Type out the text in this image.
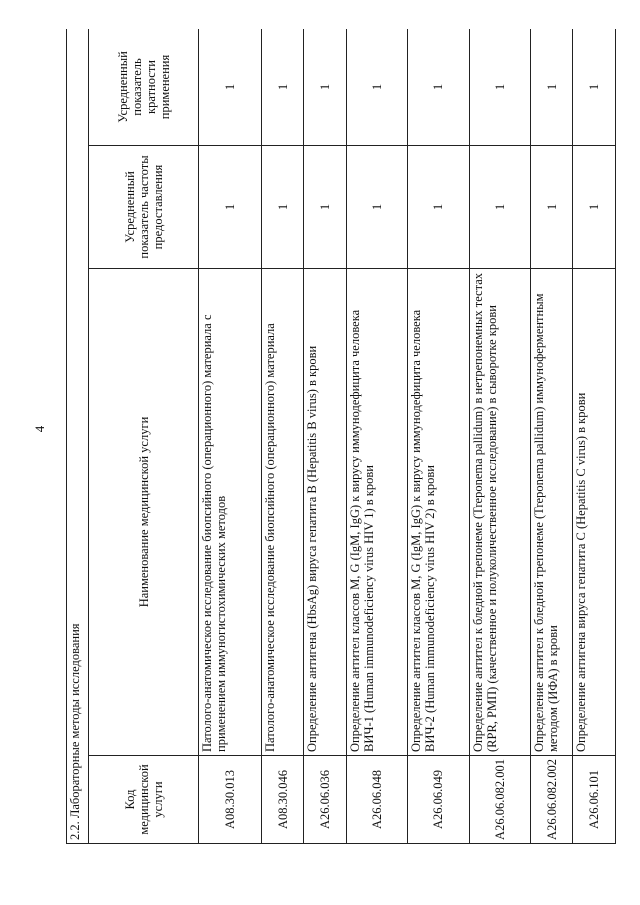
4
2.2. Лабораторные методы исследования			
Код медицинской услуги	Наименование медицинской услуги	Усредненный показатель частоты предоставления	Усредненный показатель кратности применения
A08.30.013	Патолого-анатомическое исследование биопсийного (операционного) материала с применением иммуногистохимических методов	1	1
A08.30.046	Патолого-анатомическое исследование биопсийного (операционного) материала	1	1
A26.06.036	Определение антигена (HbsAg) вируса гепатита B (Hepatitis B virus) в крови	1	1
A26.06.048	Определение антител классов M, G (IgM, IgG) к вирусу иммунодефицита человека ВИЧ-1 (Human immunodeficiency virus HIV 1) в крови	1	1
A26.06.049	Определение антител классов M, G (IgM, IgG) к вирусу иммунодефицита человека ВИЧ-2 (Human immunodeficiency virus HIV 2) в крови	1	1
A26.06.082.001	Определение антител к бледной трепонеме (Treponema pallidum) в нетрепонемных тестах (RPR, РМП) (качественное и полуколичественное исследование) в сыворотке крови	1	1
A26.06.082.002	Определение антител к бледной трепонеме (Treponema pallidum) иммуноферментным методом (ИФА) в крови	1	1
A26.06.101	Определение антигена вируса гепатита C (Hepatitis C virus) в крови	1	1
